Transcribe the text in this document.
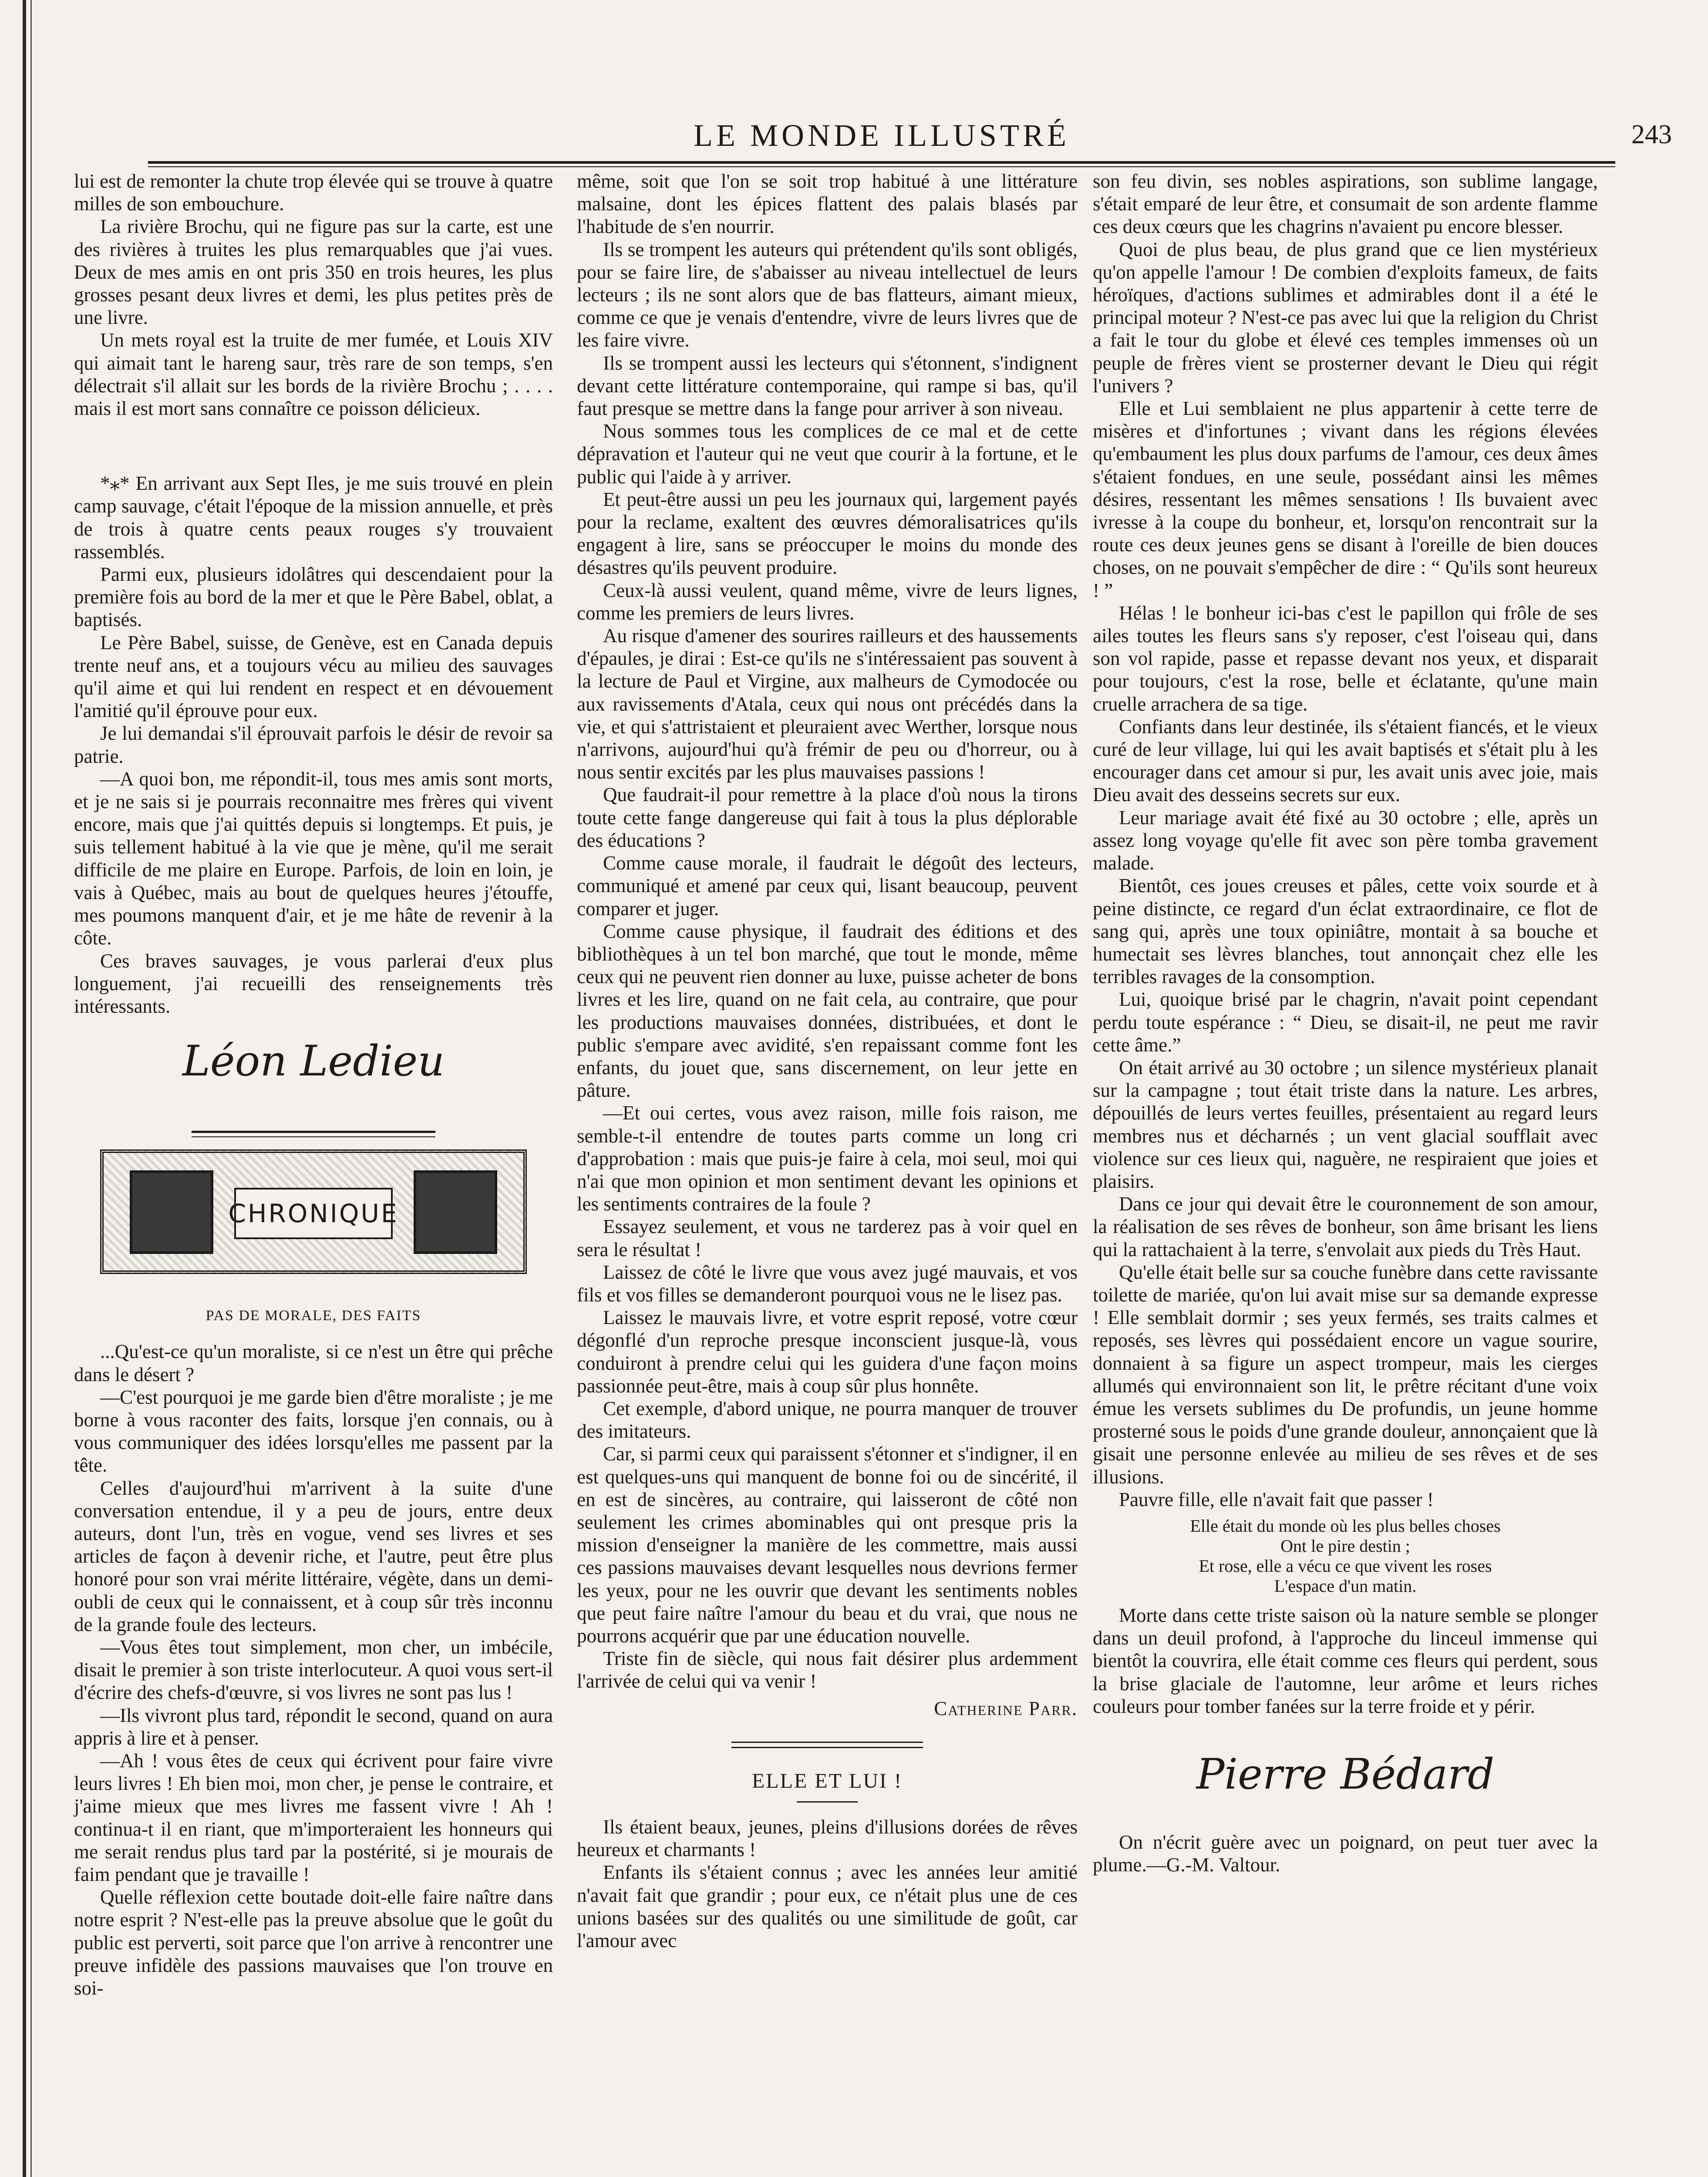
LE MONDE ILLUSTRÉ	243

lui est de remonter la chute trop élevée qui se trouve à quatre milles de son embouchure.

La rivière Brochu, qui ne figure pas sur la carte, est une des rivières à truites les plus remarquables que j'ai vues. Deux de mes amis en ont pris 350 en trois heures, les plus grosses pesant deux livres et demi, les plus petites près de une livre.

Un mets royal est la truite de mer fumée, et Louis XIV qui aimait tant le hareng saur, très rare de son temps, s'en délectrait s'il allait sur les bords de la rivière Brochu ; . . . . mais il est mort sans connaître ce poisson délicieux.

*⁎* En arrivant aux Sept Iles, je me suis trouvé en plein camp sauvage, c'était l'époque de la mission annuelle, et près de trois à quatre cents peaux rouges s'y trouvaient rassemblés.

Parmi eux, plusieurs idolâtres qui descendaient pour la première fois au bord de la mer et que le Père Babel, oblat, a baptisés.

Le Père Babel, suisse, de Genève, est en Canada depuis trente neuf ans, et a toujours vécu au milieu des sauvages qu'il aime et qui lui rendent en respect et en dévouement l'amitié qu'il éprouve pour eux.

Je lui demandai s'il éprouvait parfois le désir de revoir sa patrie.

—A quoi bon, me répondit-il, tous mes amis sont morts, et je ne sais si je pourrais reconnaitre mes frères qui vivent encore, mais que j'ai quittés depuis si longtemps. Et puis, je suis tellement habitué à la vie que je mène, qu'il me serait difficile de me plaire en Europe. Parfois, de loin en loin, je vais à Québec, mais au bout de quelques heures j'étouffe, mes poumons manquent d'air, et je me hâte de revenir à la côte.

Ces braves sauvages, je vous parlerai d'eux plus longuement, j'ai recueilli des renseignements très intéressants.

Léon Ledieu
CHRONIQUE
PAS DE MORALE, DES FAITS

...Qu'est-ce qu'un moraliste, si ce n'est un être qui prêche dans le désert ?

—C'est pourquoi je me garde bien d'être moraliste ; je me borne à vous raconter des faits, lorsque j'en connais, ou à vous communiquer des idées lorsqu'elles me passent par la tête.

Celles d'aujourd'hui m'arrivent à la suite d'une conversation entendue, il y a peu de jours, entre deux auteurs, dont l'un, très en vogue, vend ses livres et ses articles de façon à devenir riche, et l'autre, peut être plus honoré pour son vrai mérite littéraire, végète, dans un demi-oubli de ceux qui le connaissent, et à coup sûr très inconnu de la grande foule des lecteurs.

—Vous êtes tout simplement, mon cher, un imbécile, disait le premier à son triste interlocuteur. A quoi vous sert-il d'écrire des chefs-d'œuvre, si vos livres ne sont pas lus !

—Ils vivront plus tard, répondit le second, quand on aura appris à lire et à penser.

—Ah ! vous êtes de ceux qui écrivent pour faire vivre leurs livres ! Eh bien moi, mon cher, je pense le contraire, et j'aime mieux que mes livres me fassent vivre ! Ah ! continua-t il en riant, que m'importeraient les honneurs qui me serait rendus plus tard par la postérité, si je mourais de faim pendant que je travaille !

Quelle réflexion cette boutade doit-elle faire naître dans notre esprit ? N'est-elle pas la preuve absolue que le goût du public est perverti, soit parce que l'on arrive à rencontrer une preuve infidèle des passions mauvaises que l'on trouve en soi-

même, soit que l'on se soit trop habitué à une littérature malsaine, dont les épices flattent des palais blasés par l'habitude de s'en nourrir.

Ils se trompent les auteurs qui prétendent qu'ils sont obligés, pour se faire lire, de s'abaisser au niveau intellectuel de leurs lecteurs ; ils ne sont alors que de bas flatteurs, aimant mieux, comme ce que je venais d'entendre, vivre de leurs livres que de les faire vivre.

Ils se trompent aussi les lecteurs qui s'étonnent, s'indignent devant cette littérature contemporaine, qui rampe si bas, qu'il faut presque se mettre dans la fange pour arriver à son niveau.

Nous sommes tous les complices de ce mal et de cette dépravation et l'auteur qui ne veut que courir à la fortune, et le public qui l'aide à y arriver.

Et peut-être aussi un peu les journaux qui, largement payés pour la reclame, exaltent des œuvres démoralisatrices qu'ils engagent à lire, sans se préoccuper le moins du monde des désastres qu'ils peuvent produire.

Ceux-là aussi veulent, quand même, vivre de leurs lignes, comme les premiers de leurs livres.

Au risque d'amener des sourires railleurs et des haussements d'épaules, je dirai : Est-ce qu'ils ne s'intéressaient pas souvent à la lecture de Paul et Virgine, aux malheurs de Cymodocée ou aux ravissements d'Atala, ceux qui nous ont précédés dans la vie, et qui s'attristaient et pleuraient avec Werther, lorsque nous n'arrivons, aujourd'hui qu'à frémir de peu ou d'horreur, ou à nous sentir excités par les plus mauvaises passions !

Que faudrait-il pour remettre à la place d'où nous la tirons toute cette fange dangereuse qui fait à tous la plus déplorable des éducations ?

Comme cause morale, il faudrait le dégoût des lecteurs, communiqué et amené par ceux qui, lisant beaucoup, peuvent comparer et juger.

Comme cause physique, il faudrait des éditions et des bibliothèques à un tel bon marché, que tout le monde, même ceux qui ne peuvent rien donner au luxe, puisse acheter de bons livres et les lire, quand on ne fait cela, au contraire, que pour les productions mauvaises données, distribuées, et dont le public s'empare avec avidité, s'en repaissant comme font les enfants, du jouet que, sans discernement, on leur jette en pâture.

—Et oui certes, vous avez raison, mille fois raison, me semble-t-il entendre de toutes parts comme un long cri d'approbation : mais que puis-je faire à cela, moi seul, moi qui n'ai que mon opinion et mon sentiment devant les opinions et les sentiments contraires de la foule ?

Essayez seulement, et vous ne tarderez pas à voir quel en sera le résultat !

Laissez de côté le livre que vous avez jugé mauvais, et vos fils et vos filles se demanderont pourquoi vous ne le lisez pas.

Laissez le mauvais livre, et votre esprit reposé, votre cœur dégonflé d'un reproche presque inconscient jusque-là, vous conduiront à prendre celui qui les guidera d'une façon moins passionnée peut-être, mais à coup sûr plus honnête.

Cet exemple, d'abord unique, ne pourra manquer de trouver des imitateurs.

Car, si parmi ceux qui paraissent s'étonner et s'indigner, il en est quelques-uns qui manquent de bonne foi ou de sincérité, il en est de sincères, au contraire, qui laisseront de côté non seulement les crimes abominables qui ont presque pris la mission d'enseigner la manière de les commettre, mais aussi ces passions mauvaises devant lesquelles nous devrions fermer les yeux, pour ne les ouvrir que devant les sentiments nobles que peut faire naître l'amour du beau et du vrai, que nous ne pourrons acquérir que par une éducation nouvelle.

Triste fin de siècle, qui nous fait désirer plus ardemment l'arrivée de celui qui va venir !

Catherine Parr.
ELLE ET LUI !

Ils étaient beaux, jeunes, pleins d'illusions dorées de rêves heureux et charmants !

Enfants ils s'étaient connus ; avec les années leur amitié n'avait fait que grandir ; pour eux, ce n'était plus une de ces unions basées sur des qualités ou une similitude de goût, car l'amour avec

son feu divin, ses nobles aspirations, son sublime langage, s'était emparé de leur être, et consumait de son ardente flamme ces deux cœurs que les chagrins n'avaient pu encore blesser.

Quoi de plus beau, de plus grand que ce lien mystérieux qu'on appelle l'amour ! De combien d'exploits fameux, de faits héroïques, d'actions sublimes et admirables dont il a été le principal moteur ? N'est-ce pas avec lui que la religion du Christ a fait le tour du globe et élevé ces temples immenses où un peuple de frères vient se prosterner devant le Dieu qui régit l'univers ?

Elle et Lui semblaient ne plus appartenir à cette terre de misères et d'infortunes ; vivant dans les régions élevées qu'embaument les plus doux parfums de l'amour, ces deux âmes s'étaient fondues, en une seule, possédant ainsi les mêmes désires, ressentant les mêmes sensations ! Ils buvaient avec ivresse à la coupe du bonheur, et, lorsqu'on rencontrait sur la route ces deux jeunes gens se disant à l'oreille de bien douces choses, on ne pouvait s'empêcher de dire : “ Qu'ils sont heureux ! ”

Hélas ! le bonheur ici-bas c'est le papillon qui frôle de ses ailes toutes les fleurs sans s'y reposer, c'est l'oiseau qui, dans son vol rapide, passe et repasse devant nos yeux, et disparait pour toujours, c'est la rose, belle et éclatante, qu'une main cruelle arrachera de sa tige.

Confiants dans leur destinée, ils s'étaient fiancés, et le vieux curé de leur village, lui qui les avait baptisés et s'était plu à les encourager dans cet amour si pur, les avait unis avec joie, mais Dieu avait des desseins secrets sur eux.

Leur mariage avait été fixé au 30 octobre ; elle, après un assez long voyage qu'elle fit avec son père tomba gravement malade.

Bientôt, ces joues creuses et pâles, cette voix sourde et à peine distincte, ce regard d'un éclat extraordinaire, ce flot de sang qui, après une toux opiniâtre, montait à sa bouche et humectait ses lèvres blanches, tout annonçait chez elle les terribles ravages de la consomption.

Lui, quoique brisé par le chagrin, n'avait point cependant perdu toute espérance : “ Dieu, se disait-il, ne peut me ravir cette âme.”

On était arrivé au 30 octobre ; un silence mystérieux planait sur la campagne ; tout était triste dans la nature. Les arbres, dépouillés de leurs vertes feuilles, présentaient au regard leurs membres nus et décharnés ; un vent glacial soufflait avec violence sur ces lieux qui, naguère, ne respiraient que joies et plaisirs.

Dans ce jour qui devait être le couronnement de son amour, la réalisation de ses rêves de bonheur, son âme brisant les liens qui la rattachaient à la terre, s'envolait aux pieds du Très Haut.

Qu'elle était belle sur sa couche funèbre dans cette ravissante toilette de mariée, qu'on lui avait mise sur sa demande expresse ! Elle semblait dormir ; ses yeux fermés, ses traits calmes et reposés, ses lèvres qui possédaient encore un vague sourire, donnaient à sa figure un aspect trompeur, mais les cierges allumés qui environnaient son lit, le prêtre récitant d'une voix émue les versets sublimes du De profundis, un jeune homme prosterné sous le poids d'une grande douleur, annonçaient que là gisait une personne enlevée au milieu de ses rêves et de ses illusions.

Pauvre fille, elle n'avait fait que passer !

Elle était du monde où les plus belles choses
Ont le pire destin ;
Et rose, elle a vécu ce que vivent les roses
L'espace d'un matin.

Morte dans cette triste saison où la nature semble se plonger dans un deuil profond, à l'approche du linceul immense qui bientôt la couvrira, elle était comme ces fleurs qui perdent, sous la brise glaciale de l'automne, leur arôme et leurs riches couleurs pour tomber fanées sur la terre froide et y périr.

Pierre Bédard

On n'écrit guère avec un poignard, on peut tuer avec la plume.—G.-M. Valtour.
